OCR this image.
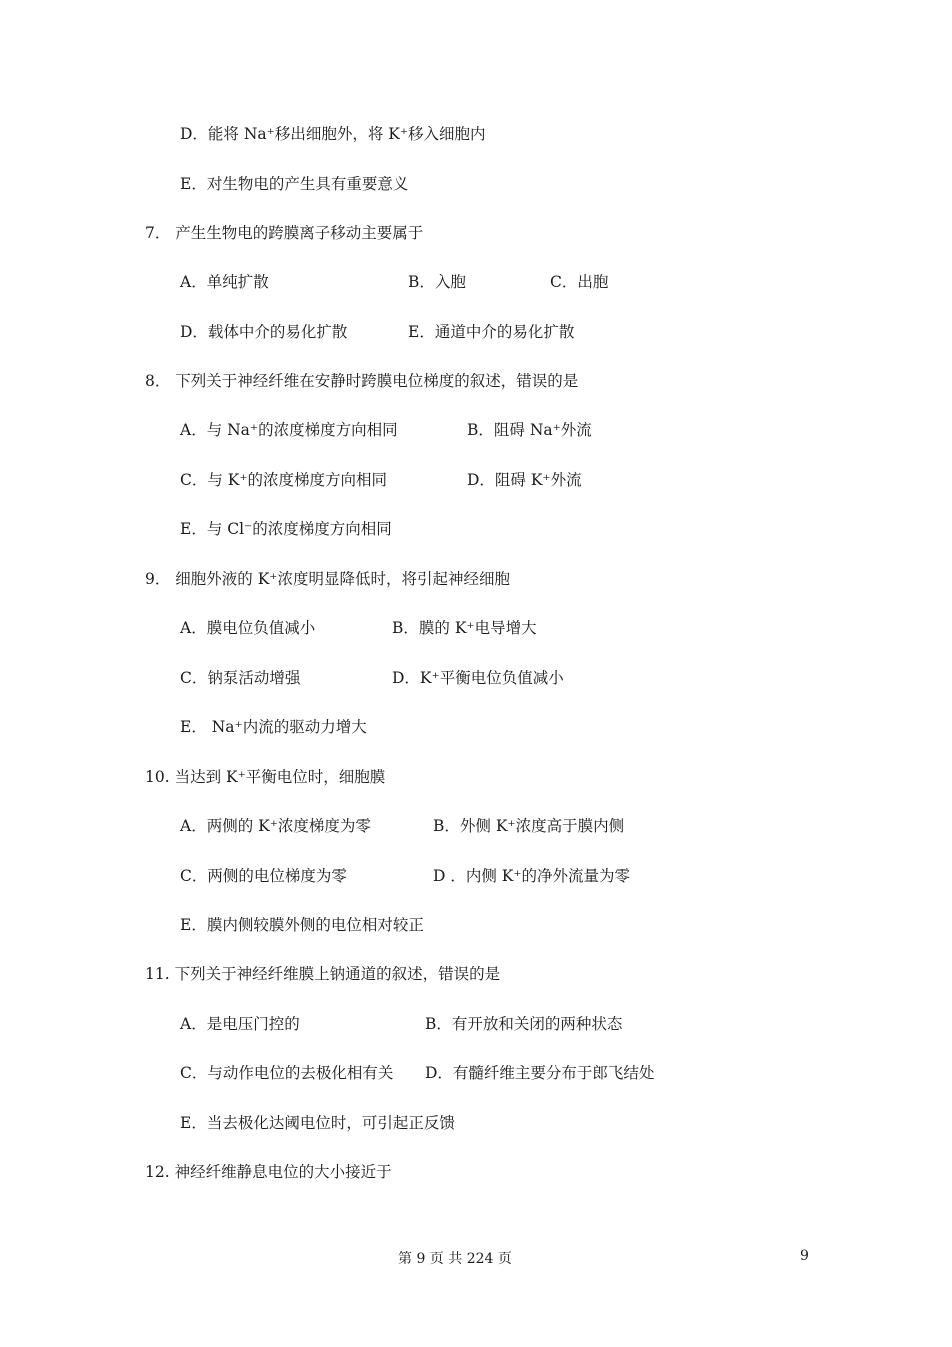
D．能将 Na⁺移出细胞外，将 K⁺移入细胞内
E．对生物电的产生具有重要意义
7． 产生生物电的跨膜离子移动主要属于
A．单纯扩散	B．入胞	C．出胞
D．载体中介的易化扩散	E．通道中介的易化扩散
8． 下列关于神经纤维在安静时跨膜电位梯度的叙述，错误的是
A．与 Na⁺的浓度梯度方向相同	B．阻碍 Na⁺外流
C．与 K⁺的浓度梯度方向相同	D．阻碍 K⁺外流
E．与 Cl⁻的浓度梯度方向相同
9． 细胞外液的 K⁺浓度明显降低时，将引起神经细胞
A．膜电位负值减小	B．膜的 K⁺电导增大
C．钠泵活动增强	D．K⁺平衡电位负值减小
E． Na⁺内流的驱动力增大
10. 当达到 K⁺平衡电位时，细胞膜
A．两侧的 K⁺浓度梯度为零	B．外侧 K⁺浓度高于膜内侧
C．两侧的电位梯度为零	D ．内侧 K⁺的净外流量为零
E．膜内侧较膜外侧的电位相对较正
11. 下列关于神经纤维膜上钠通道的叙述，错误的是
A．是电压门控的	B．有开放和关闭的两种状态
C．与动作电位的去极化相有关 D．有髓纤维主要分布于郎飞结处
E．当去极化达阈电位时，可引起正反馈
12. 神经纤维静息电位的大小接近于
第 9 页 共 224 页	9
